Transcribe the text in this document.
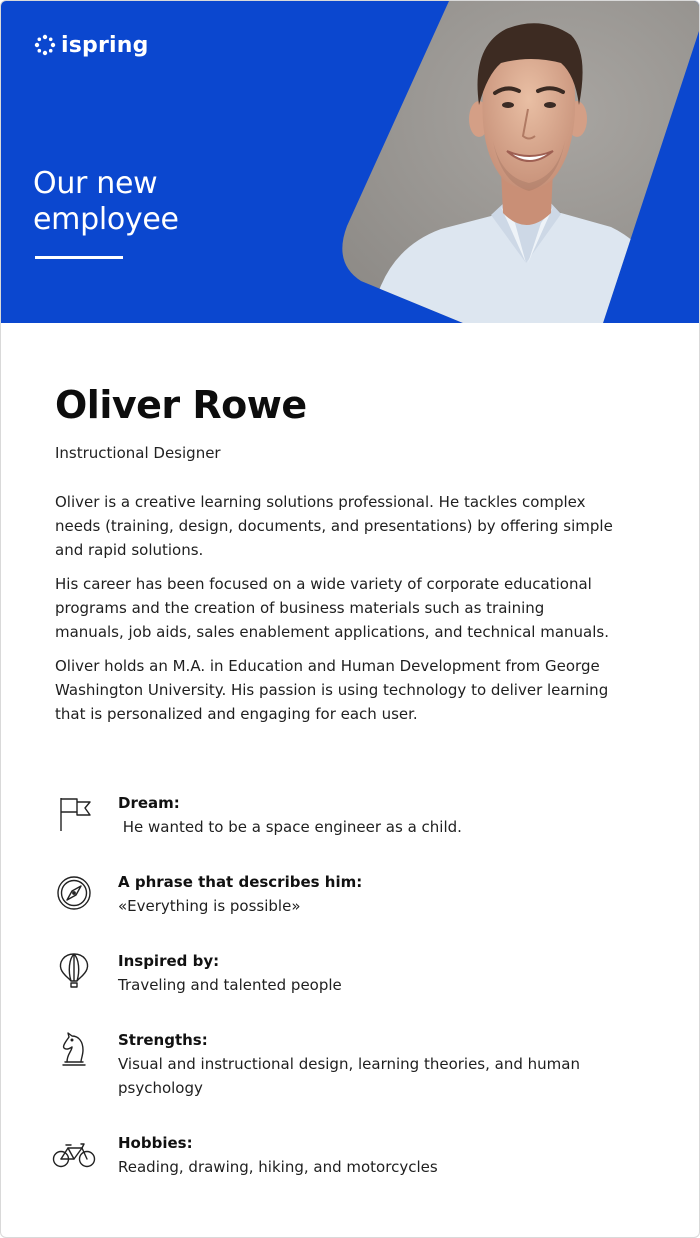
ispring
Our new
employee
Oliver Rowe
Instructional Designer

Oliver is a creative learning solutions professional. He tackles complex needs (training, design, documents, and presentations) by offering simple and rapid solutions.

His career has been focused on a wide variety of corporate educational programs and the creation of business materials such as training manuals, job aids, sales enablement applications, and technical manuals.

Oliver holds an M.A. in Education and Human Development from George Washington University. His passion is using technology to deliver learning that is personalized and engaging for each user.

Dream:
He wanted to be a space engineer as a child.
A phrase that describes him:
«Everything is possible»
Inspired by:
Traveling and talented people
Strengths:
Visual and instructional design, learning theories, and human psychology
Hobbies:
Reading, drawing, hiking, and motorcycles
